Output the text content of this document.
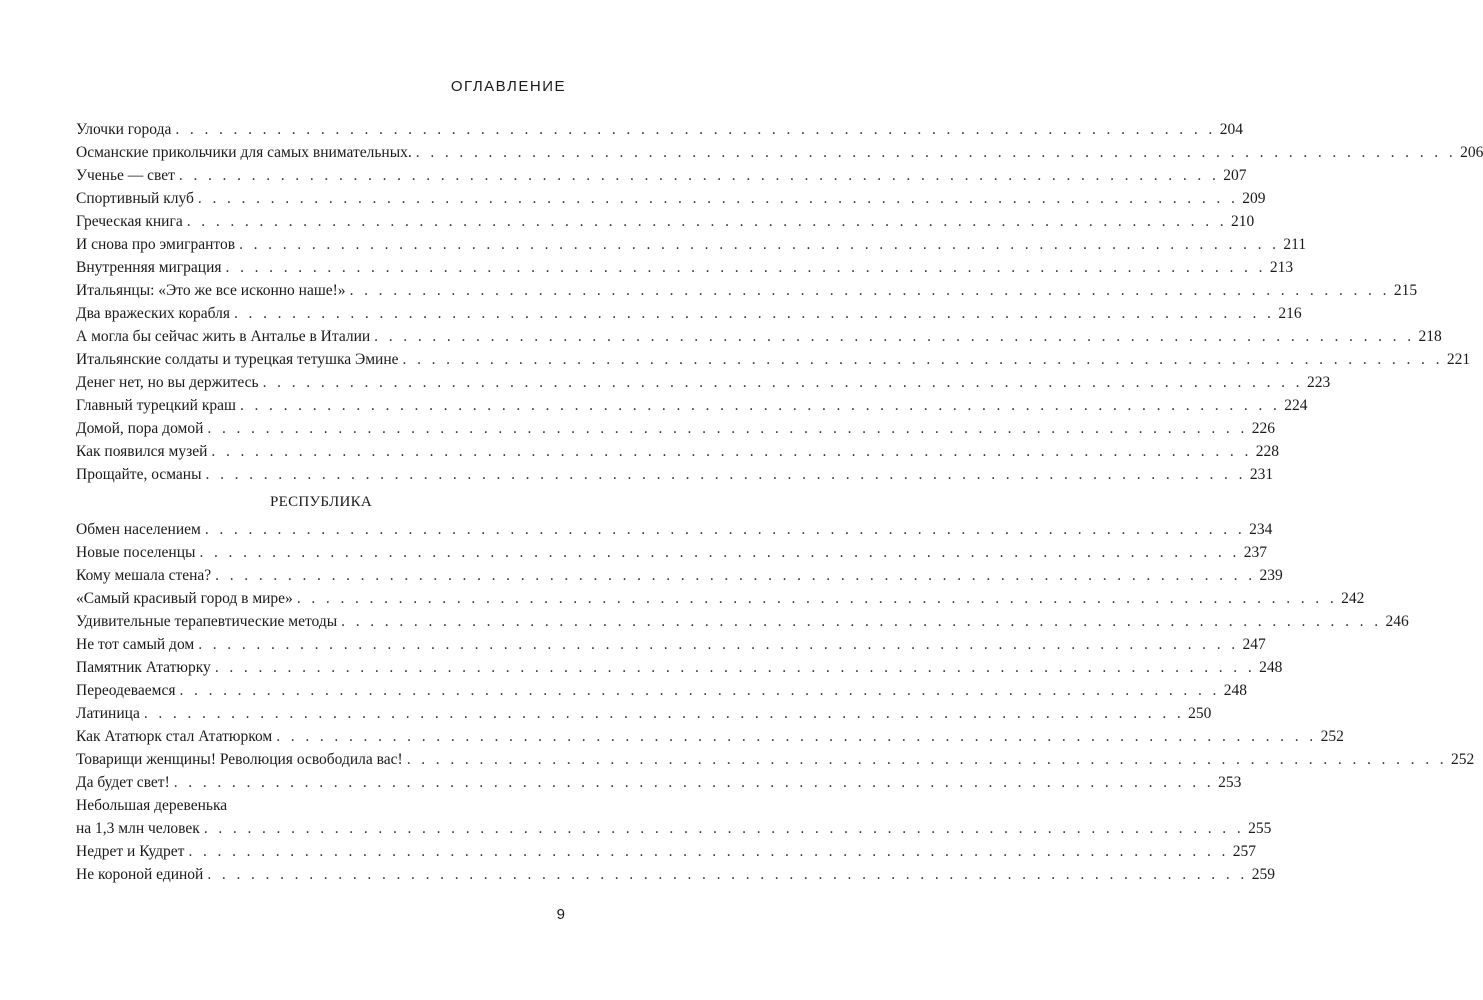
ОГЛАВЛЕНИЕ
Улочки города . . .	204
Османские прикольчики для самых внимательных. . . .	206
Ученье — свет . . .	207
Спортивный клуб . . .	209
Греческая книга . . .	210
И снова про эмигрантов . . .	211
Внутренняя миграция . . .	213
Итальянцы: «Это же все исконно наше!» . . .	215
Два вражеских корабля . . .	216
А могла бы сейчас жить в Анталье в Италии . . .	218
Итальянские солдаты и турецкая тетушка Эмине . . .	221
Денег нет, но вы держитесь . . .	223
Главный турецкий краш . . .	224
Домой, пора домой . . .	226
Как появился музей . . .	228
Прощайте, османы . . .	231
РЕСПУБЛИКА
Обмен населением . . .	234
Новые поселенцы . . .	237
Кому мешала стена? . . .	239
«Самый красивый город в мире» . . .	242
Удивительные терапевтические методы . . .	246
Не тот самый дом . . .	247
Памятник Ататюрку . . .	248
Переодеваемся . . .	248
Латиница . . .	250
Как Ататюрк стал Ататюрком . . .	252
Товарищи женщины! Революция освободила вас! . . .	252
Да будет свет! . . .	253
Небольшая деревенька
на 1,3 млн человек . . .	255
Недрет и Кудрет . . .	257
Не короной единой . . .	259
9
